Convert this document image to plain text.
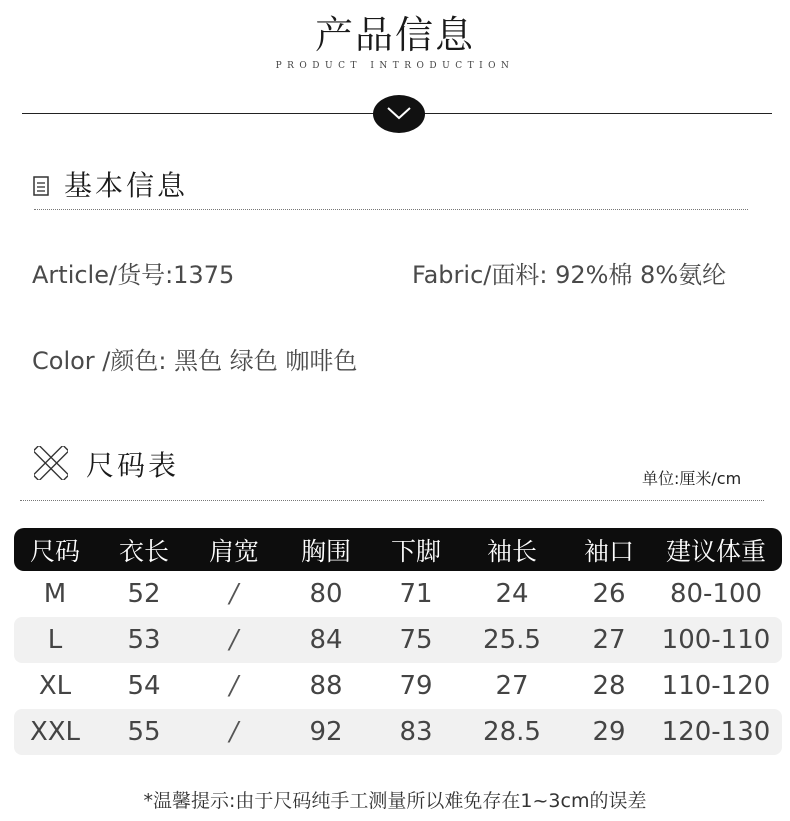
产品信息
PRODUCT INTRODUCTION
基本信息
Article/货号:1375	Fabric/面料: 92%棉 8%氨纶
Color /颜色: 黑色 绿色 咖啡色
尺码表	单位:厘米/cm
尺码	衣长	肩宽	胸围	下脚	袖长	袖口	建议体重
M	52	/	80	71	24	26	80-100
L	53	/	84	75	25.5	27	100-110
XL	54	/	88	79	27	28	110-120
XXL	55	/	92	83	28.5	29	120-130
*温馨提示:由于尺码纯手工测量所以难免存在1~3cm的误差
